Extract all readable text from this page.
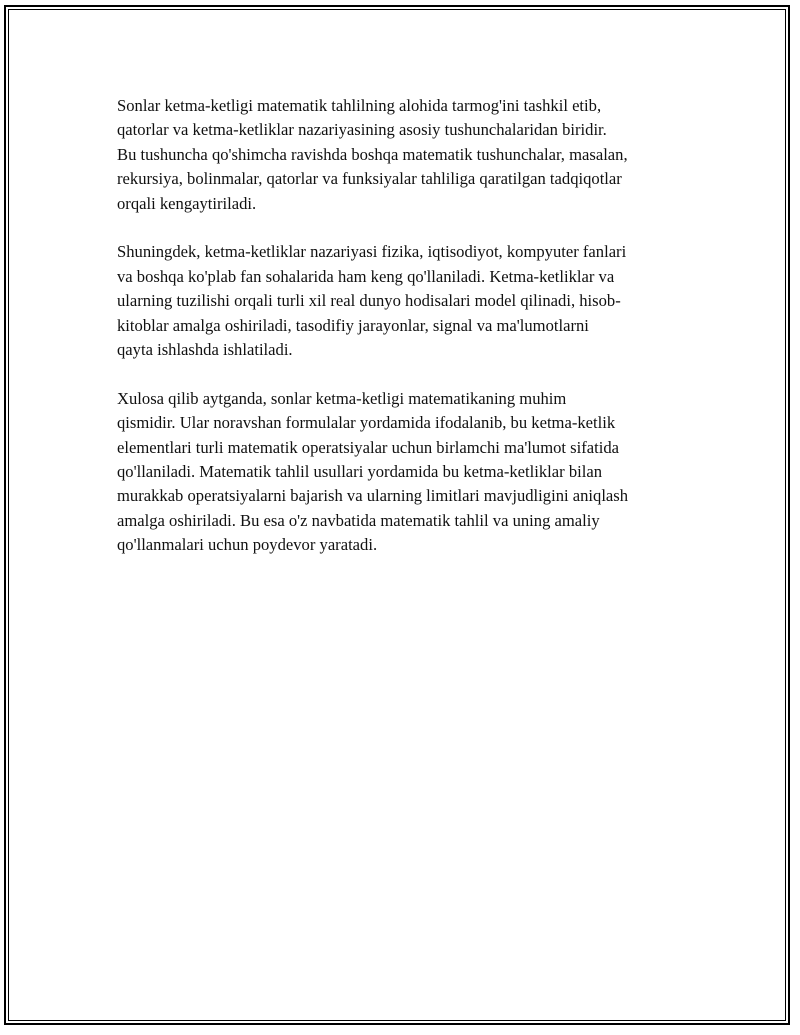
Sonlar ketma-ketligi matematik tahlilning alohida tarmog'ini tashkil etib,
qatorlar va ketma-ketliklar nazariyasining asosiy tushunchalaridan biridir.
Bu tushuncha qo'shimcha ravishda boshqa matematik tushunchalar, masalan,
rekursiya, bolinmalar, qatorlar va funksiyalar tahliliga qaratilgan tadqiqotlar
orqali kengaytiriladi.

Shuningdek, ketma-ketliklar nazariyasi fizika, iqtisodiyot, kompyuter fanlari
va boshqa ko'plab fan sohalarida ham keng qo'llaniladi. Ketma-ketliklar va
ularning tuzilishi orqali turli xil real dunyo hodisalari model qilinadi, hisob-
kitoblar amalga oshiriladi, tasodifiy jarayonlar, signal va ma'lumotlarni
qayta ishlashda ishlatiladi.

Xulosa qilib aytganda, sonlar ketma-ketligi matematikaning muhim
qismidir. Ular noravshan formulalar yordamida ifodalanib, bu ketma-ketlik
elementlari turli matematik operatsiyalar uchun birlamchi ma'lumot sifatida
qo'llaniladi. Matematik tahlil usullari yordamida bu ketma-ketliklar bilan
murakkab operatsiyalarni bajarish va ularning limitlari mavjudligini aniqlash
amalga oshiriladi. Bu esa o'z navbatida matematik tahlil va uning amaliy
qo'llanmalari uchun poydevor yaratadi.
